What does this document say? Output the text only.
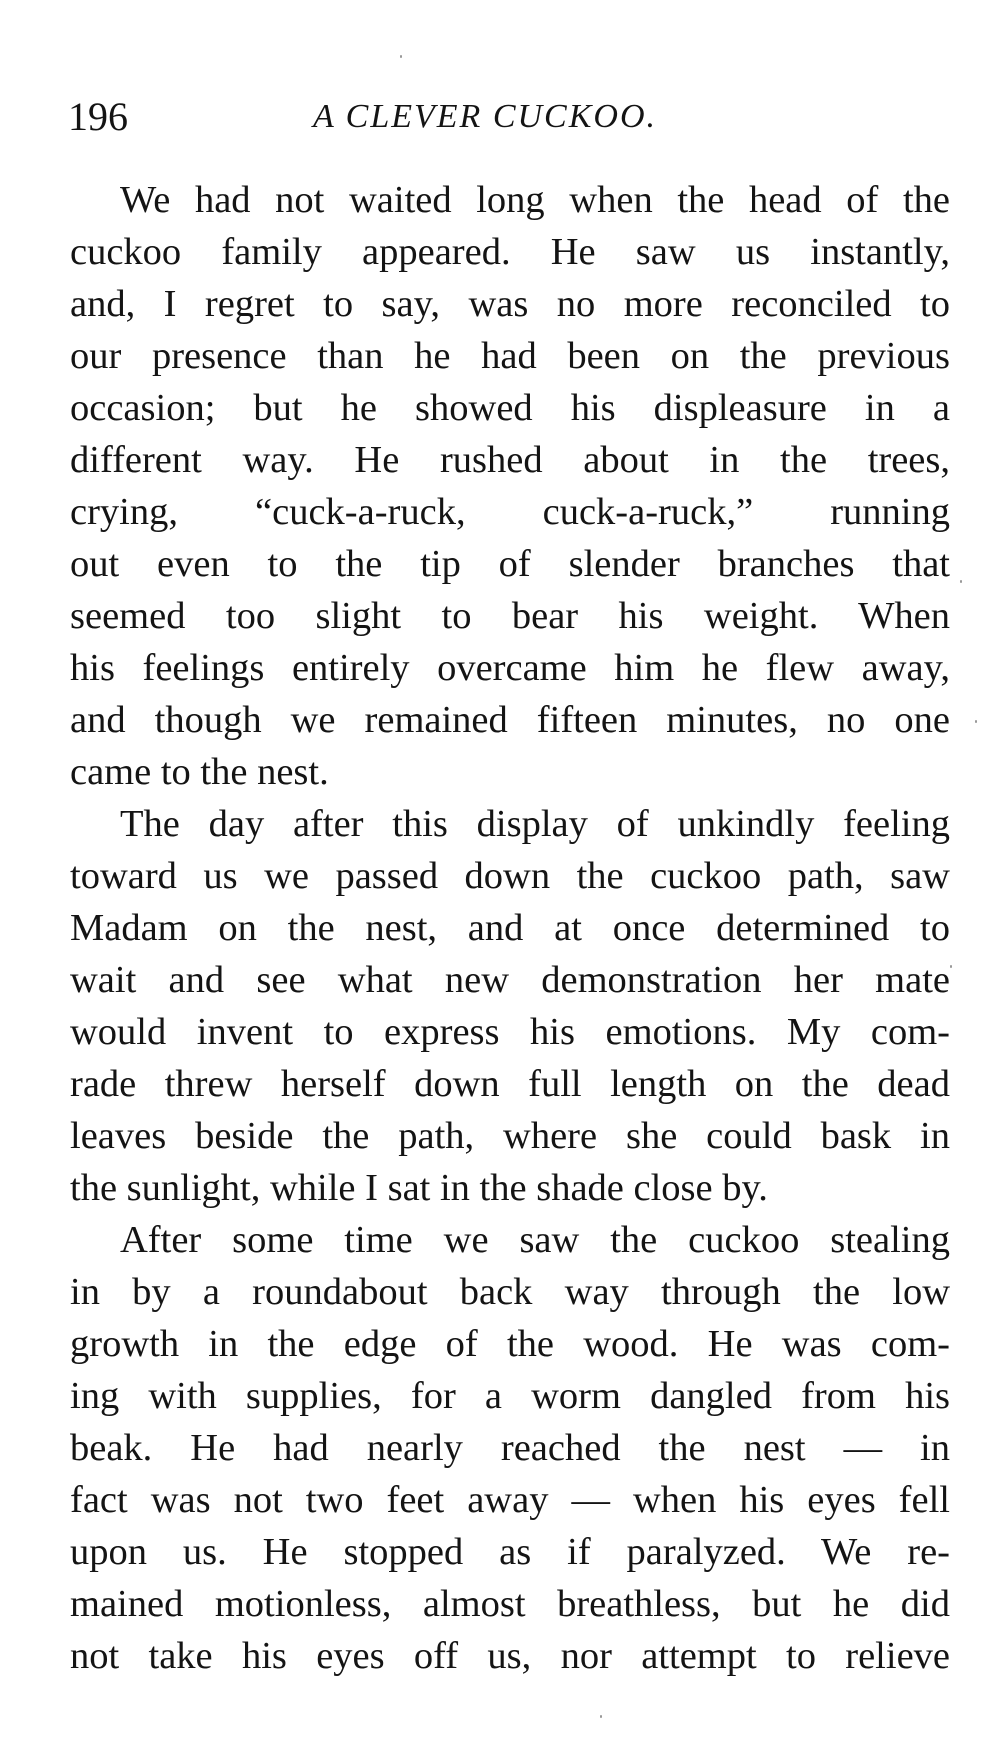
196	A CLEVER CUCKOO.
We had not waited long when the head of the
cuckoo family appeared. He saw us instantly,
and, I regret to say, was no more reconciled to
our presence than he had been on the previous
occasion; but he showed his displeasure in a
different way. He rushed about in the trees,
crying, “cuck-a-ruck, cuck-a-ruck,” running
out even to the tip of slender branches that
seemed too slight to bear his weight. When
his feelings entirely overcame him he flew away,
and though we remained fifteen minutes, no one
came to the nest.
The day after this display of unkindly feeling
toward us we passed down the cuckoo path, saw
Madam on the nest, and at once determined to
wait and see what new demonstration her mate
would invent to express his emotions. My com-
rade threw herself down full length on the dead
leaves beside the path, where she could bask in
the sunlight, while I sat in the shade close by.
After some time we saw the cuckoo stealing
in by a roundabout back way through the low
growth in the edge of the wood. He was com-
ing with supplies, for a worm dangled from his
beak. He had nearly reached the nest — in
fact was not two feet away — when his eyes fell
upon us. He stopped as if paralyzed. We re-
mained motionless, almost breathless, but he did
not take his eyes off us, nor attempt to relieve
